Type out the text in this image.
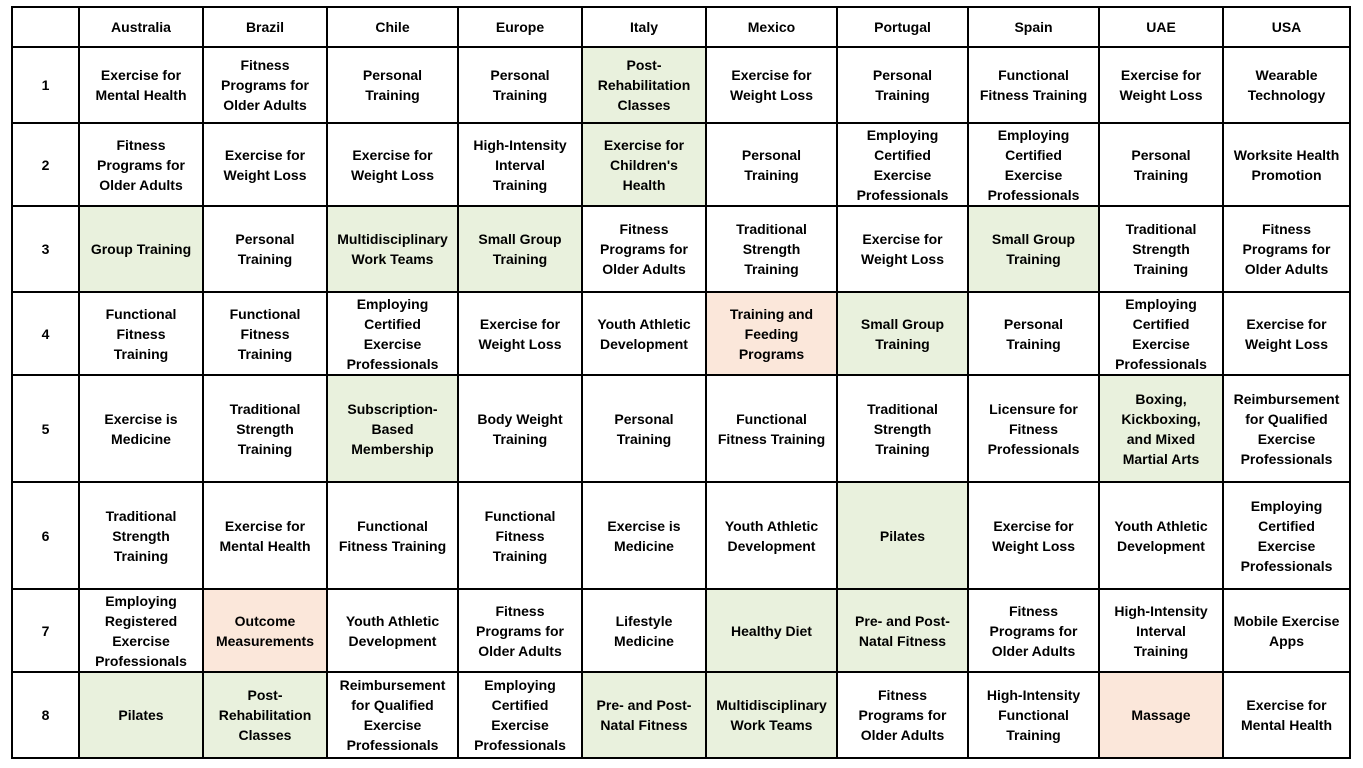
	Australia	Brazil	Chile	Europe	Italy	Mexico	Portugal	Spain	UAE	USA
1	Exercise for Mental Health	Fitness Programs for Older Adults	Personal Training	Personal Training	Post-Rehabilitation Classes	Exercise for Weight Loss	Personal Training	Functional Fitness Training	Exercise for Weight Loss	Wearable Technology
2	Fitness Programs for Older Adults	Exercise for Weight Loss	Exercise for Weight Loss	High-Intensity Interval Training	Exercise for Children's Health	Personal Training	Employing Certified Exercise Professionals	Employing Certified Exercise Professionals	Personal Training	Worksite Health Promotion
3	Group Training	Personal Training	Multidisciplinary Work Teams	Small Group Training	Fitness Programs for Older Adults	Traditional Strength Training	Exercise for Weight Loss	Small Group Training	Traditional Strength Training	Fitness Programs for Older Adults
4	Functional Fitness Training	Functional Fitness Training	Employing Certified Exercise Professionals	Exercise for Weight Loss	Youth Athletic Development	Training and Feeding Programs	Small Group Training	Personal Training	Employing Certified Exercise Professionals	Exercise for Weight Loss
5	Exercise is Medicine	Traditional Strength Training	Subscription-Based Membership	Body Weight Training	Personal Training	Functional Fitness Training	Traditional Strength Training	Licensure for Fitness Professionals	Boxing, Kickboxing, and Mixed Martial Arts	Reimbursement for Qualified Exercise Professionals
6	Traditional Strength Training	Exercise for Mental Health	Functional Fitness Training	Functional Fitness Training	Exercise is Medicine	Youth Athletic Development	Pilates	Exercise for Weight Loss	Youth Athletic Development	Employing Certified Exercise Professionals
7	Employing Registered Exercise Professionals	Outcome Measurements	Youth Athletic Development	Fitness Programs for Older Adults	Lifestyle Medicine	Healthy Diet	Pre- and Post-Natal Fitness	Fitness Programs for Older Adults	High-Intensity Interval Training	Mobile Exercise Apps
8	Pilates	Post-Rehabilitation Classes	Reimbursement for Qualified Exercise Professionals	Employing Certified Exercise Professionals	Pre- and Post-Natal Fitness	Multidisciplinary Work Teams	Fitness Programs for Older Adults	High-Intensity Functional Training	Massage	Exercise for Mental Health
